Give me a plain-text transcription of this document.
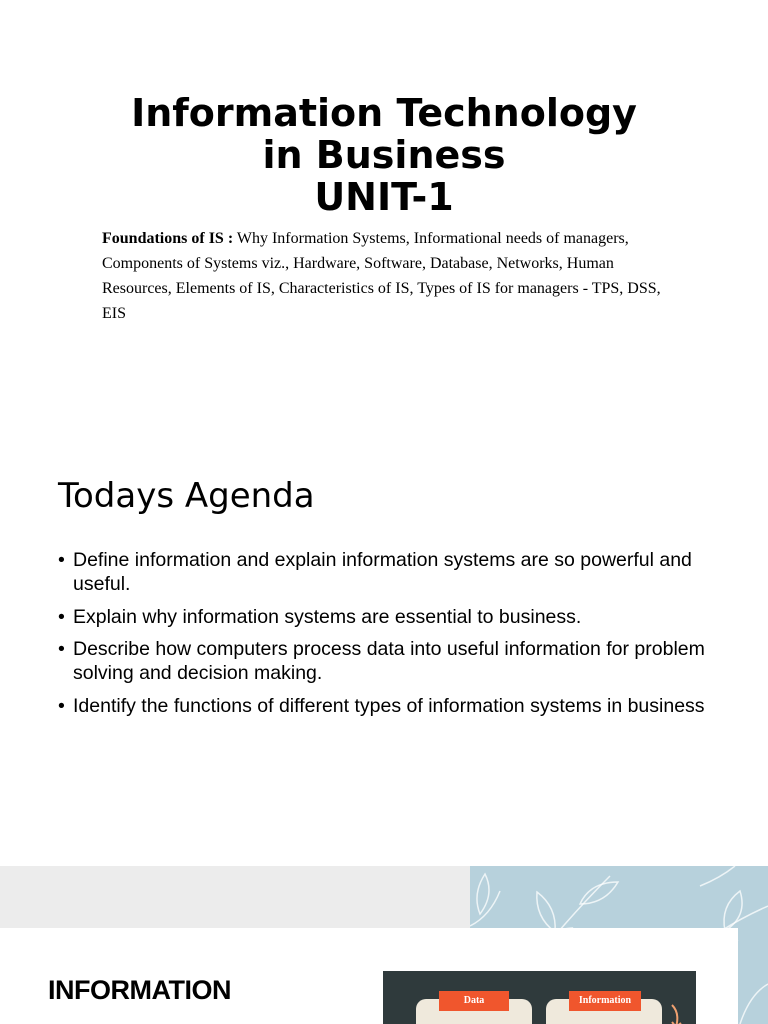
Information Technology
in Business
UNIT-1
Foundations of IS : Why Information Systems, Informational needs of managers, Components of Systems viz., Hardware, Software, Database, Networks, Human Resources, Elements of IS, Characteristics of IS, Types of IS for managers - TPS, DSS, EIS
Todays Agenda
• Define information and explain information systems are so powerful and useful.
• Explain why information systems are essential to business.
• Describe how computers process data into useful information for problem solving and decision making.
• Identify the functions of different types of information systems in business
INFORMATION	Data	Information
